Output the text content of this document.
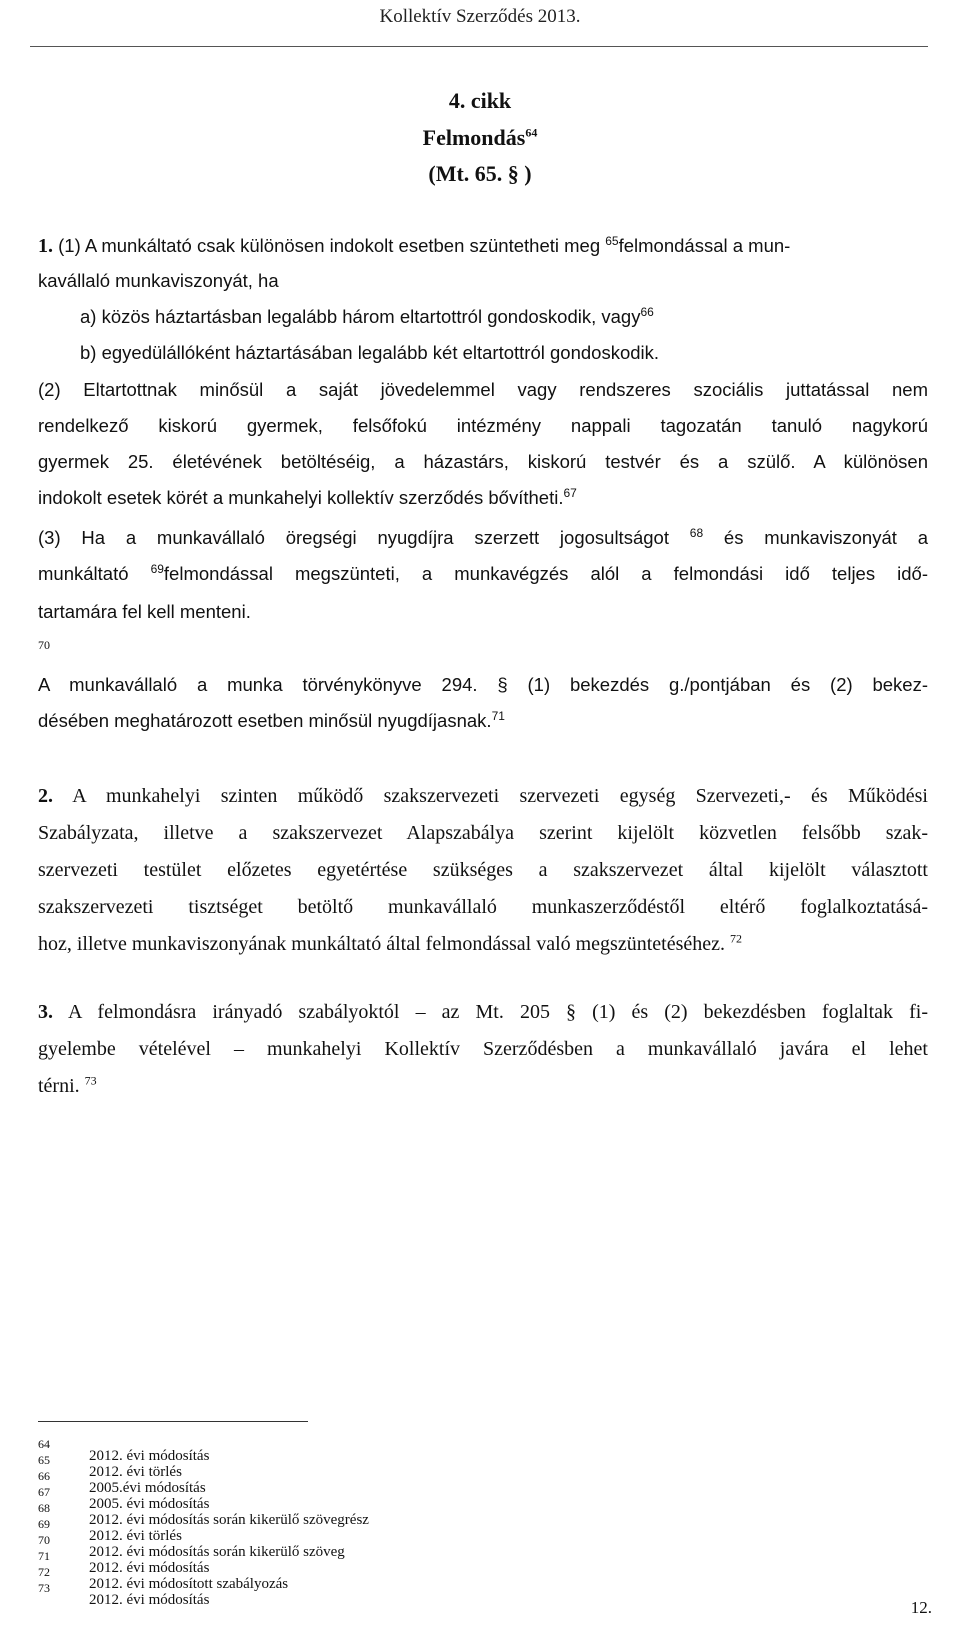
Kollektív Szerződés 2013.
4. cikk
Felmondás$^{64}$
(Mt. 65. § )
1. (1) A munkáltató csak különösen indokolt esetben szüntetheti meg $^{65}$felmondással a mun-
kavállaló munkaviszonyát, ha
a) közös háztartásban legalább három eltartottról gondoskodik, vagy$^{66}$
b) egyedülállóként háztartásában legalább két eltartottról gondoskodik.
(2) Eltartottnak minősül a saját jövedelemmel vagy rendszeres szociális juttatással nem
rendelkező kiskorú gyermek, felsőfokú intézmény nappali tagozatán tanuló nagykorú
gyermek 25. életévének betöltéséig, a házastárs, kiskorú testvér és a szülő. A különösen
indokolt esetek körét a munkahelyi kollektív szerződés bővítheti.$^{67}$
(3) Ha a munkavállaló öregségi nyugdíjra szerzett jogosultságot $^{68}$ és munkaviszonyát a
munkáltató $^{69}$felmondással megszünteti, a munkavégzés alól a felmondási idő teljes idő-
tartamára fel kell menteni.
70
A munkavállaló a munka törvénykönyve 294. § (1) bekezdés g./pontjában és (2) bekez-
désében meghatározott esetben minősül nyugdíjasnak.$^{71}$
2. A munkahelyi szinten működő szakszervezeti szervezeti egység Szervezeti,- és Működési
Szabályzata, illetve a szakszervezet Alapszabálya szerint kijelölt közvetlen felsőbb szak-
szervezeti testület előzetes egyetértése szükséges a szakszervezet által kijelölt választott
szakszervezeti tisztséget betöltő munkavállaló munkaszerződéstől eltérő foglalkoztatásá-
hoz, illetve munkaviszonyának munkáltató által felmondással való megszüntetéséhez. $^{72}$
3. A felmondásra irányadó szabályoktól – az Mt. 205 § (1) és (2) bekezdésben foglaltak fi-
gyelembe vételével – munkahelyi Kollektív Szerződésben a munkavállaló javára el lehet
térni. $^{73}$
64
2012. évi módosítás
65
2012. évi törlés
66
2005.évi módosítás
67
2005. évi módosítás
68
2012. évi módosítás során kikerülő szövegrész
69
2012. évi törlés
70
2012. évi módosítás során kikerülő szöveg
71
2012. évi módosítás
72
2012. évi módosított szabályozás
73
2012. évi módosítás	12.
